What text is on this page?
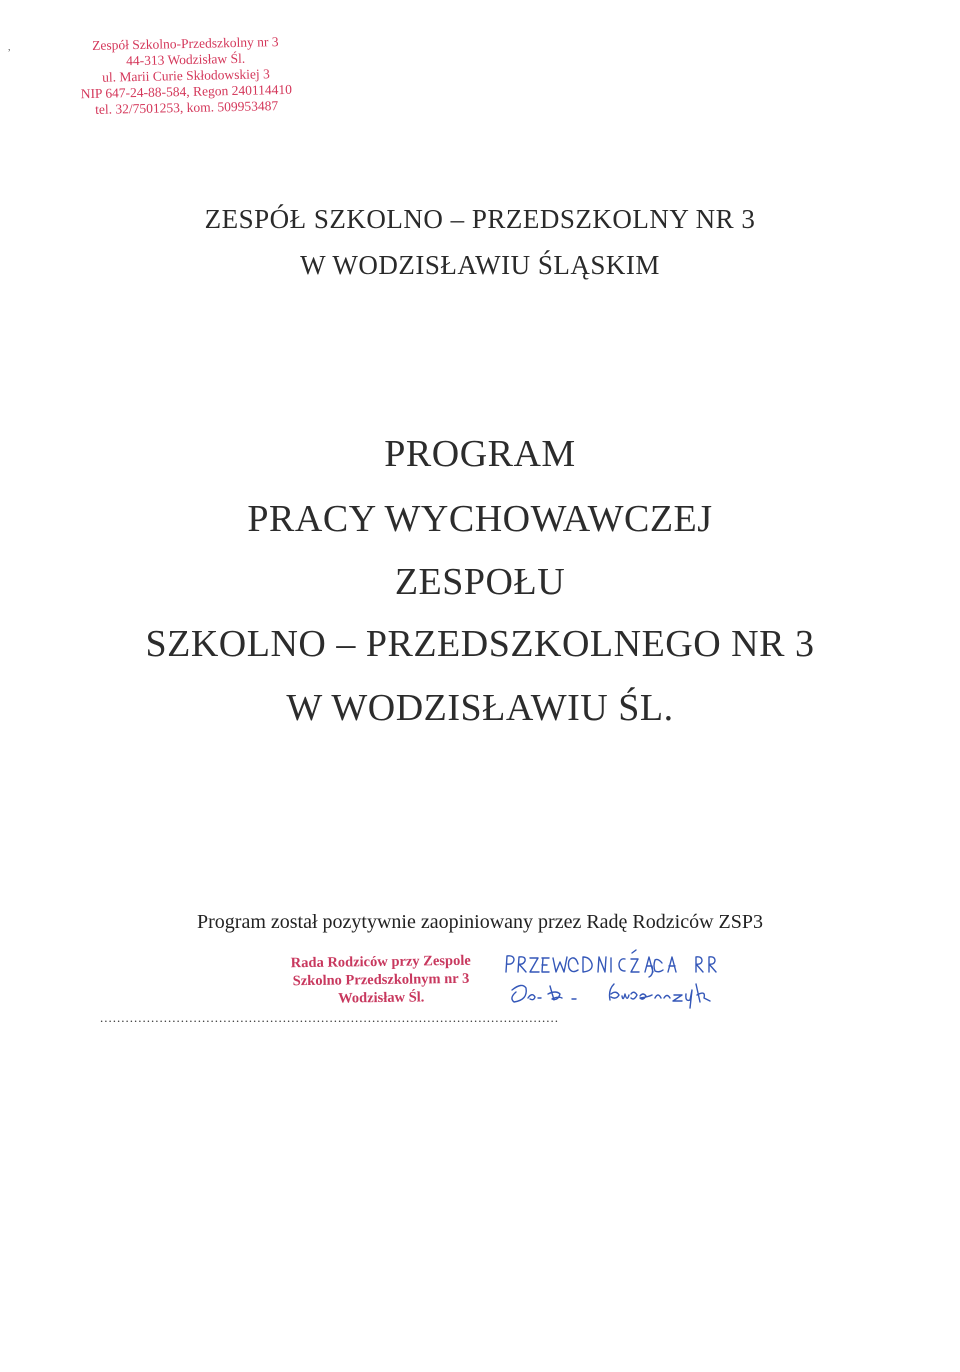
,	Zespół Szkolno-Przedszkolny nr 3
44-313 Wodzisław Śl.
ul. Marii Curie Skłodowskiej 3
NIP 647-24-88-584, Regon 240114410
tel. 32/7501253, kom. 509953487
ZESPÓŁ SZKOLNO – PRZEDSZKOLNY NR 3
W WODZISŁAWIU ŚLĄSKIM
PROGRAM
PRACY WYCHOWAWCZEJ
ZESPOŁU
SZKOLNO – PRZEDSZKOLNEGO NR 3
W WODZISŁAWIU ŚL.
Program został pozytywnie zaopiniowany przez Radę Rodziców ZSP3
Rada Rodziców przy Zespole
Szkolno Przedszkolnym nr 3
Wodzisław Śl.
............................................................................................................
